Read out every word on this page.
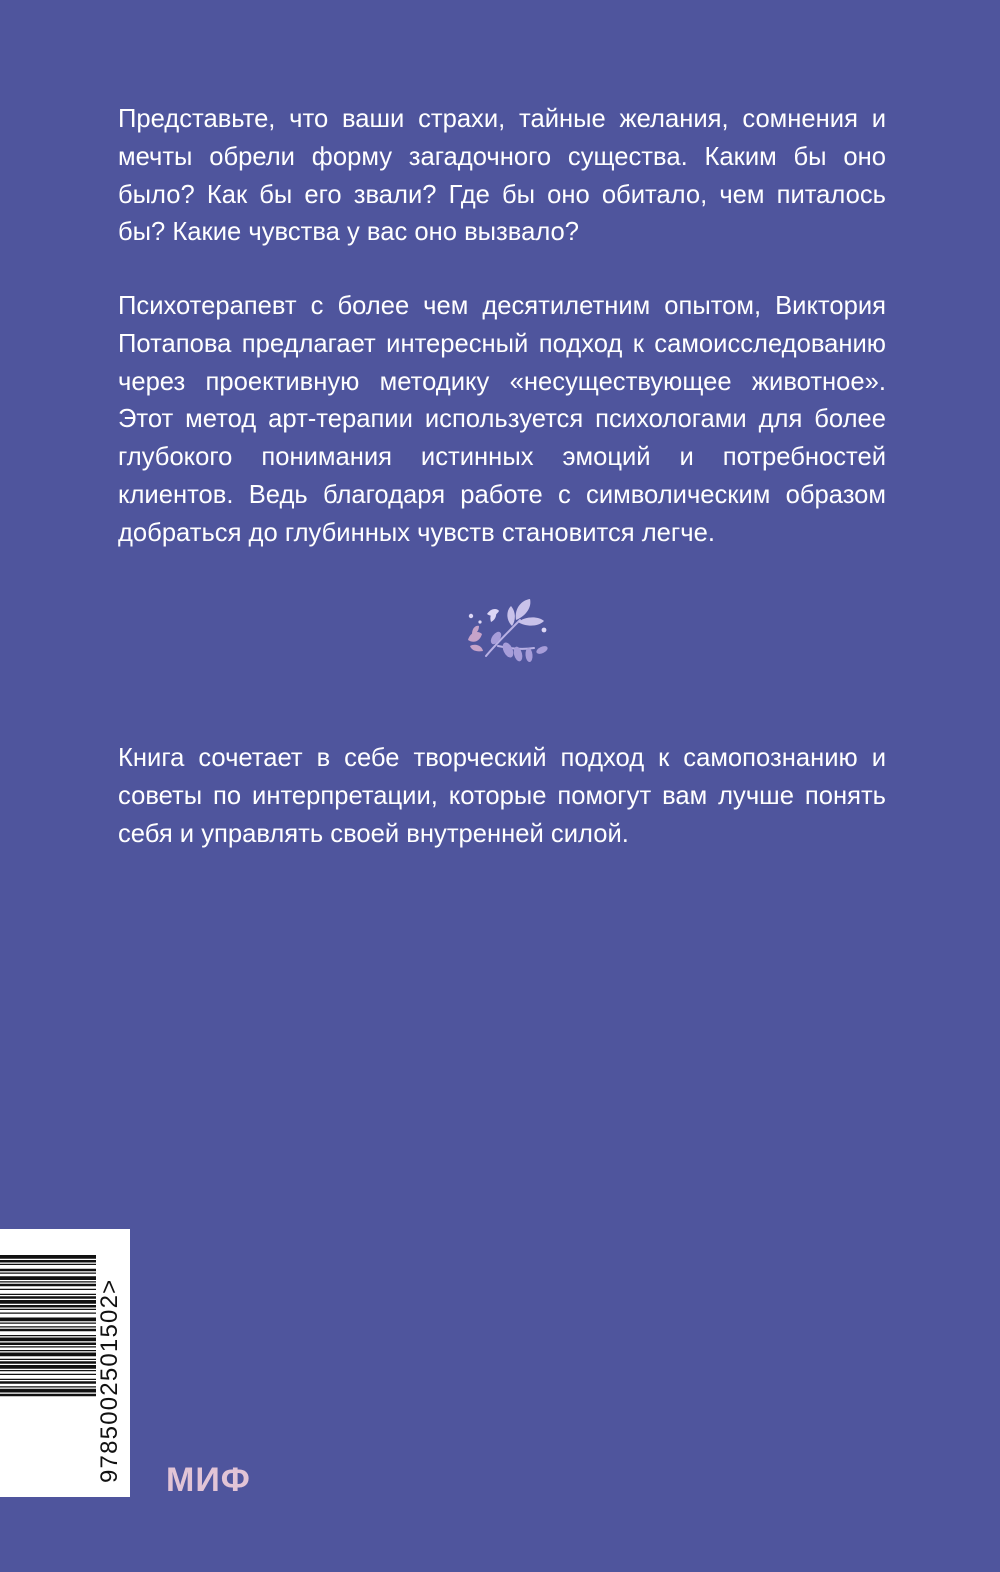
Представьте, что ваши страхи, тайные желания, сомнения и мечты обрели форму загадочного существа. Каким бы оно было? Как бы его звали? Где бы оно обитало, чем питалось бы? Какие чувства у вас оно вызвало?

Психотерапевт с более чем десятилетним опытом, Виктория Потапова предлагает интересный подход к самоисследованию через проективную методику «несуществующее животное». Этот метод арт-терапии используется психологами для более глубокого понимания истинных эмоций и потребностей клиентов. Ведь благодаря работе с символическим образом добраться до глубинных чувств становится легче.

Книга сочетает в себе творческий подход к самопознанию и советы по интерпретации, которые помогут вам лучше понять себя и управлять своей внутренней силой.

9785002501502>
МИФ
